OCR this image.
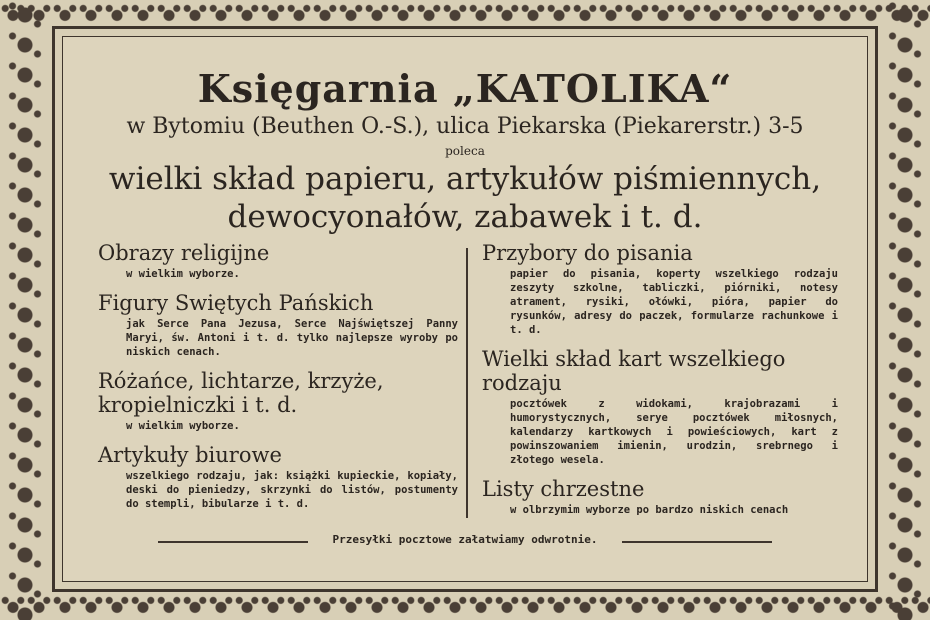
Księgarnia „KATOLIKA“
w Bytomiu (Beuthen O.-S.), ulica Piekarska (Piekarerstr.) 3-5
poleca
wielki skład papieru, artykułów piśmiennych,
dewocyonałów, zabawek i t. d.

Obrazy religijne

w wielkim wyborze.

Figury Swiętych Pańskich

jak Serce Pana Jezusa, Serce Najświętszej Panny Maryi, św. Antoni i t. d. tylko najlepsze wyroby po niskich cenach.

Różańce, lichtarze, krzyże, kropielniczki i t. d.

w wielkim wyborze.

Artykuły biurowe

wszelkiego rodzaju, jak: książki kupieckie, kopiały, deski do pieniedzy, skrzynki do listów, postumenty do stempli, bibularze i t. d.

Przybory do pisania

papier do pisania, koperty wszelkiego rodzaju zeszyty szkolne, tabliczki, piórniki, notesy atrament, rysiki, ołówki, pióra, papier do rysunków, adresy do paczek, formularze rachunkowe i t. d.

Wielki skład kart wszelkiego rodzaju

pocztówek z widokami, krajobrazami i humorystycznych, serye pocztówek miłosnych, kalendarzy kartkowych i powieściowych, kart z powinszowaniem imienin, urodzin, srebrnego i złotego wesela.

Listy chrzestne

w olbrzymim wyborze po bardzo niskich cenach

Przesyłki pocztowe załatwiamy odwrotnie.
